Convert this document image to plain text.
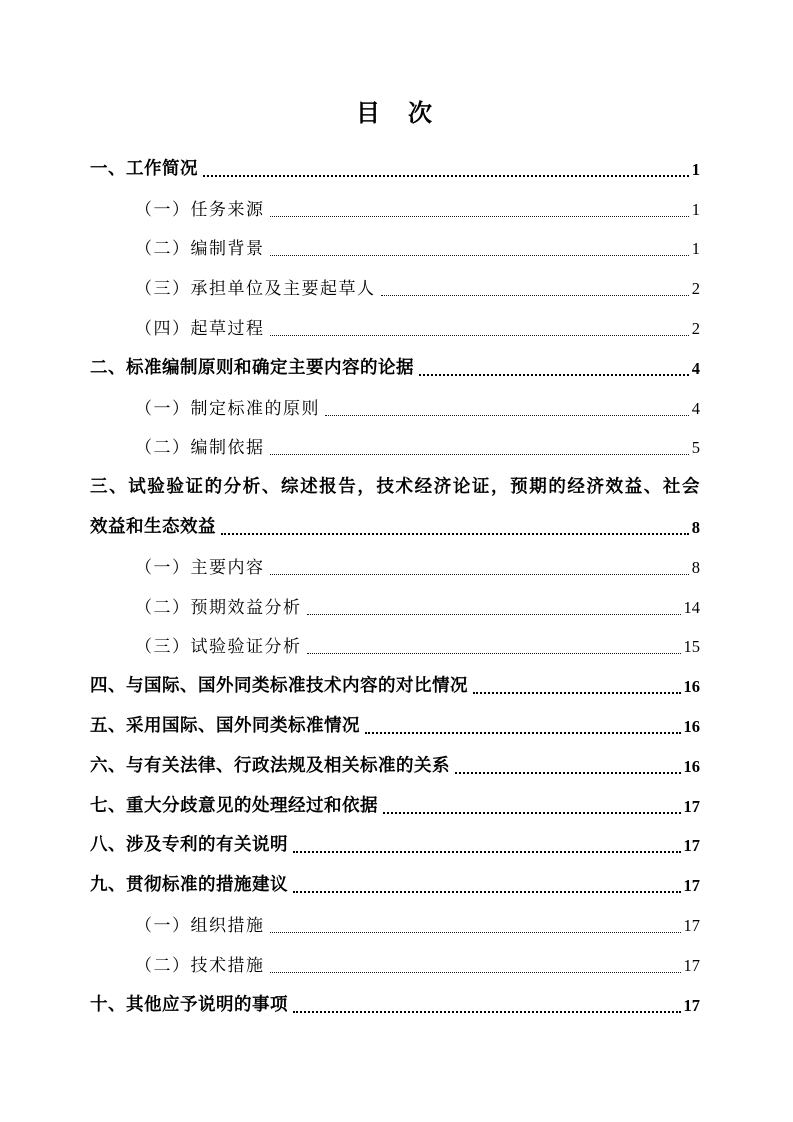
目　次
一、工作简况	1
（一）任务来源	1
（二）编制背景	1
（三）承担单位及主要起草人	2
（四）起草过程	2
二、标准编制原则和确定主要内容的论据	4
（一）制定标准的原则	4
（二）编制依据	5
三、试验验证的分析、综述报告，技术经济论证，预期的经济效益、社会
效益和生态效益	8
（一）主要内容	8
（二）预期效益分析	14
（三）试验验证分析	15
四、与国际、国外同类标准技术内容的对比情况	16
五、采用国际、国外同类标准情况	16
六、与有关法律、行政法规及相关标准的关系	16
七、重大分歧意见的处理经过和依据	17
八、涉及专利的有关说明	17
九、贯彻标准的措施建议	17
（一）组织措施	17
（二）技术措施	17
十、其他应予说明的事项	17
